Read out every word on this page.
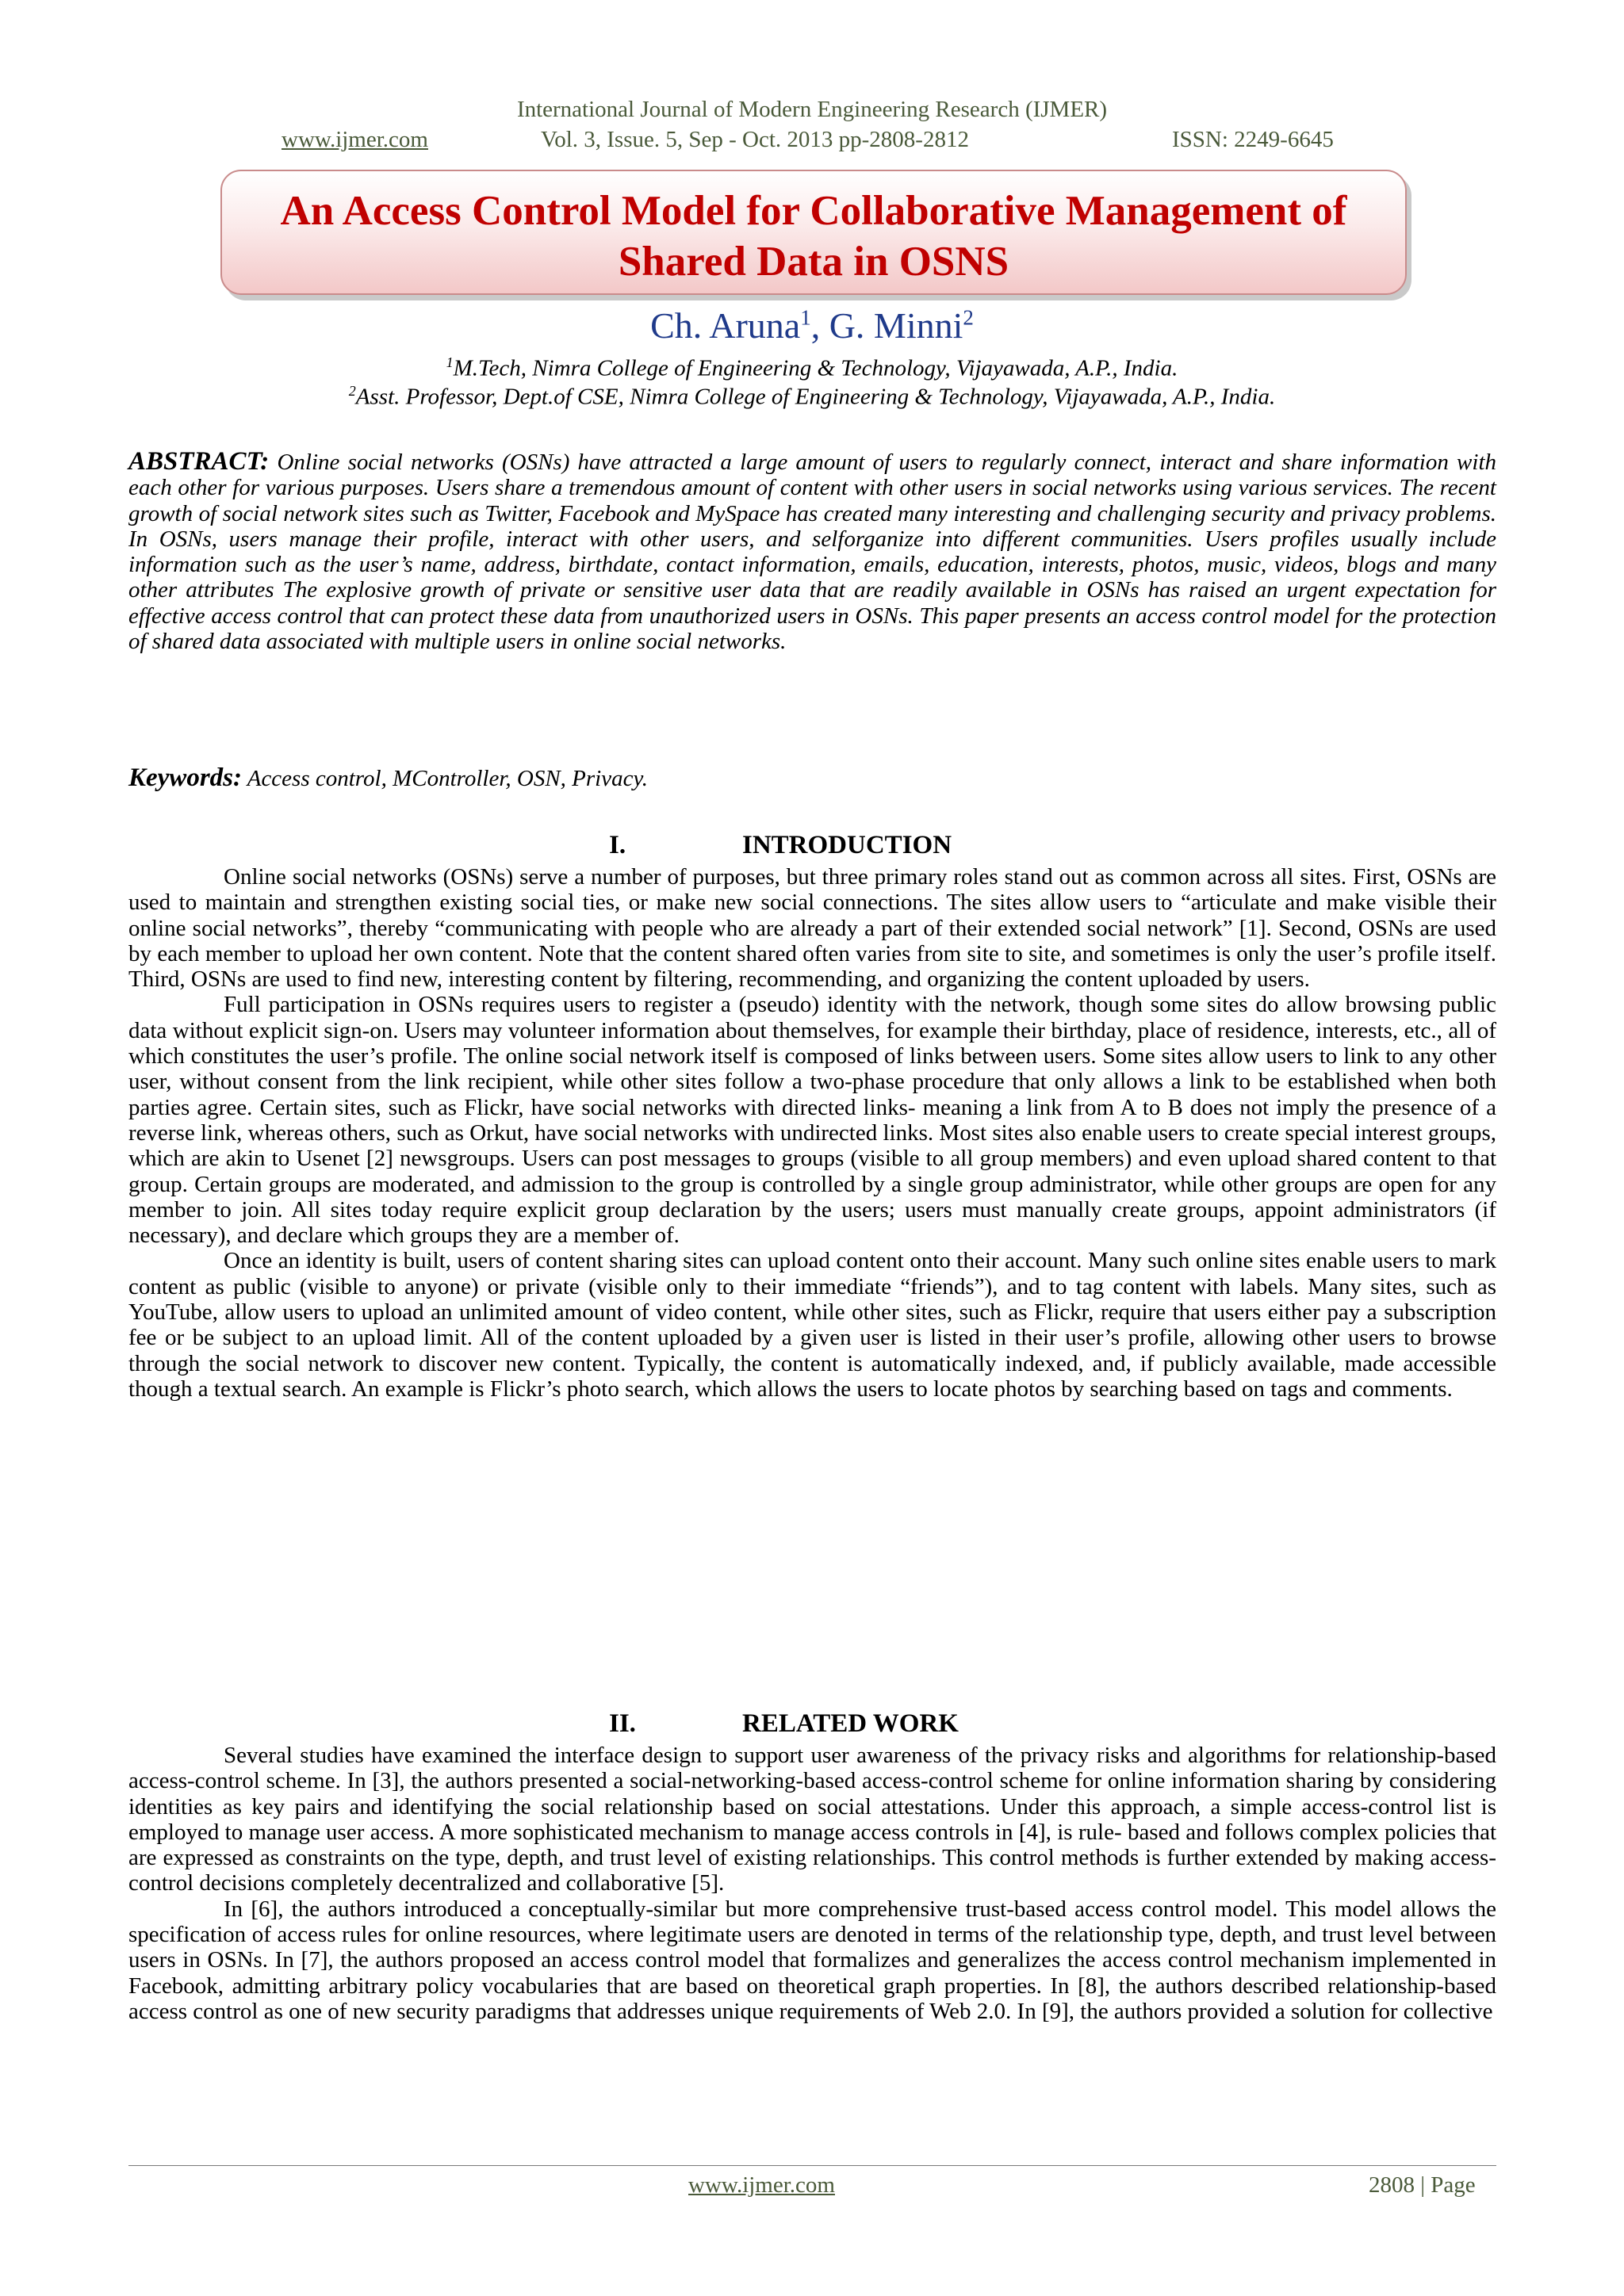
International Journal of Modern Engineering Research (IJMER)
www.ijmer.com	Vol. 3, Issue. 5, Sep - Oct. 2013 pp-2808-2812	ISSN: 2249-6645
An Access Control Model for Collaborative Management of
Shared Data in OSNS
Ch. Aruna$^1$, G. Minni$^2$
$^1$M.Tech, Nimra College of Engineering & Technology, Vijayawada, A.P., India.
$^2$Asst. Professor, Dept.of CSE, Nimra College of Engineering & Technology, Vijayawada, A.P., India.
ABSTRACT: Online social networks (OSNs) have attracted a large amount of users to regularly connect, interact and share information with each other for various purposes. Users share a tremendous amount of content with other users in social networks using various services. The recent growth of social network sites such as Twitter, Facebook and MySpace has created many interesting and challenging security and privacy problems. In OSNs, users manage their profile, interact with other users, and selforganize into different communities. Users profiles usually include information such as the user’s name, address, birthdate, contact information, emails, education, interests, photos, music, videos, blogs and many other attributes The explosive growth of private or sensitive user data that are readily available in OSNs has raised an urgent expectation for effective access control that can protect these data from unauthorized users in OSNs. This paper presents an access control model for the protection of shared data associated with multiple users in online social networks.
Keywords: Access control, MController, OSN, Privacy.
I.	INTRODUCTION

Online social networks (OSNs) serve a number of purposes, but three primary roles stand out as common across all sites. First, OSNs are used to maintain and strengthen existing social ties, or make new social connections. The sites allow users to “articulate and make visible their online social networks”, thereby “communicating with people who are already a part of their extended social network” [1]. Second, OSNs are used by each member to upload her own content. Note that the content shared often varies from site to site, and sometimes is only the user’s profile itself. Third, OSNs are used to find new, interesting content by filtering, recommending, and organizing the content uploaded by users.

Full participation in OSNs requires users to register a (pseudo) identity with the network, though some sites do allow browsing public data without explicit sign-on. Users may volunteer information about themselves, for example their birthday, place of residence, interests, etc., all of which constitutes the user’s profile. The online social network itself is composed of links between users. Some sites allow users to link to any other user, without consent from the link recipient, while other sites follow a two-phase procedure that only allows a link to be established when both parties agree. Certain sites, such as Flickr, have social networks with directed links- meaning a link from A to B does not imply the presence of a reverse link, whereas others, such as Orkut, have social networks with undirected links. Most sites also enable users to create special interest groups, which are akin to Usenet [2] newsgroups. Users can post messages to groups (visible to all group members) and even upload shared content to that group. Certain groups are moderated, and admission to the group is controlled by a single group administrator, while other groups are open for any member to join. All sites today require explicit group declaration by the users; users must manually create groups, appoint administrators (if necessary), and declare which groups they are a member of.

Once an identity is built, users of content sharing sites can upload content onto their account. Many such online sites enable users to mark content as public (visible to anyone) or private (visible only to their immediate “friends”), and to tag content with labels. Many sites, such as YouTube, allow users to upload an unlimited amount of video content, while other sites, such as Flickr, require that users either pay a subscription fee or be subject to an upload limit. All of the content uploaded by a given user is listed in their user’s profile, allowing other users to browse through the social network to discover new content. Typically, the content is automatically indexed, and, if publicly available, made accessible though a textual search. An example is Flickr’s photo search, which allows the users to locate photos by searching based on tags and comments.

II.	RELATED WORK

Several studies have examined the interface design to support user awareness of the privacy risks and algorithms for relationship-based access-control scheme. In [3], the authors presented a social-networking-based access-control scheme for online information sharing by considering identities as key pairs and identifying the social relationship based on social attestations. Under this approach, a simple access-control list is employed to manage user access. A more sophisticated mechanism to manage access controls in [4], is rule- based and follows complex policies that are expressed as constraints on the type, depth, and trust level of existing relationships. This control methods is further extended by making access-control decisions completely decentralized and collaborative [5].

In [6], the authors introduced a conceptually-similar but more comprehensive trust-based access control model. This model allows the specification of access rules for online resources, where legitimate users are denoted in terms of the relationship type, depth, and trust level between users in OSNs. In [7], the authors proposed an access control model that formalizes and generalizes the access control mechanism implemented in Facebook, admitting arbitrary policy vocabularies that are based on theoretical graph properties. In [8], the authors described relationship-based access control as one of new security paradigms that addresses unique requirements of Web 2.0. In [9], the authors provided a solution for collective

www.ijmer.com	2808 | Page
